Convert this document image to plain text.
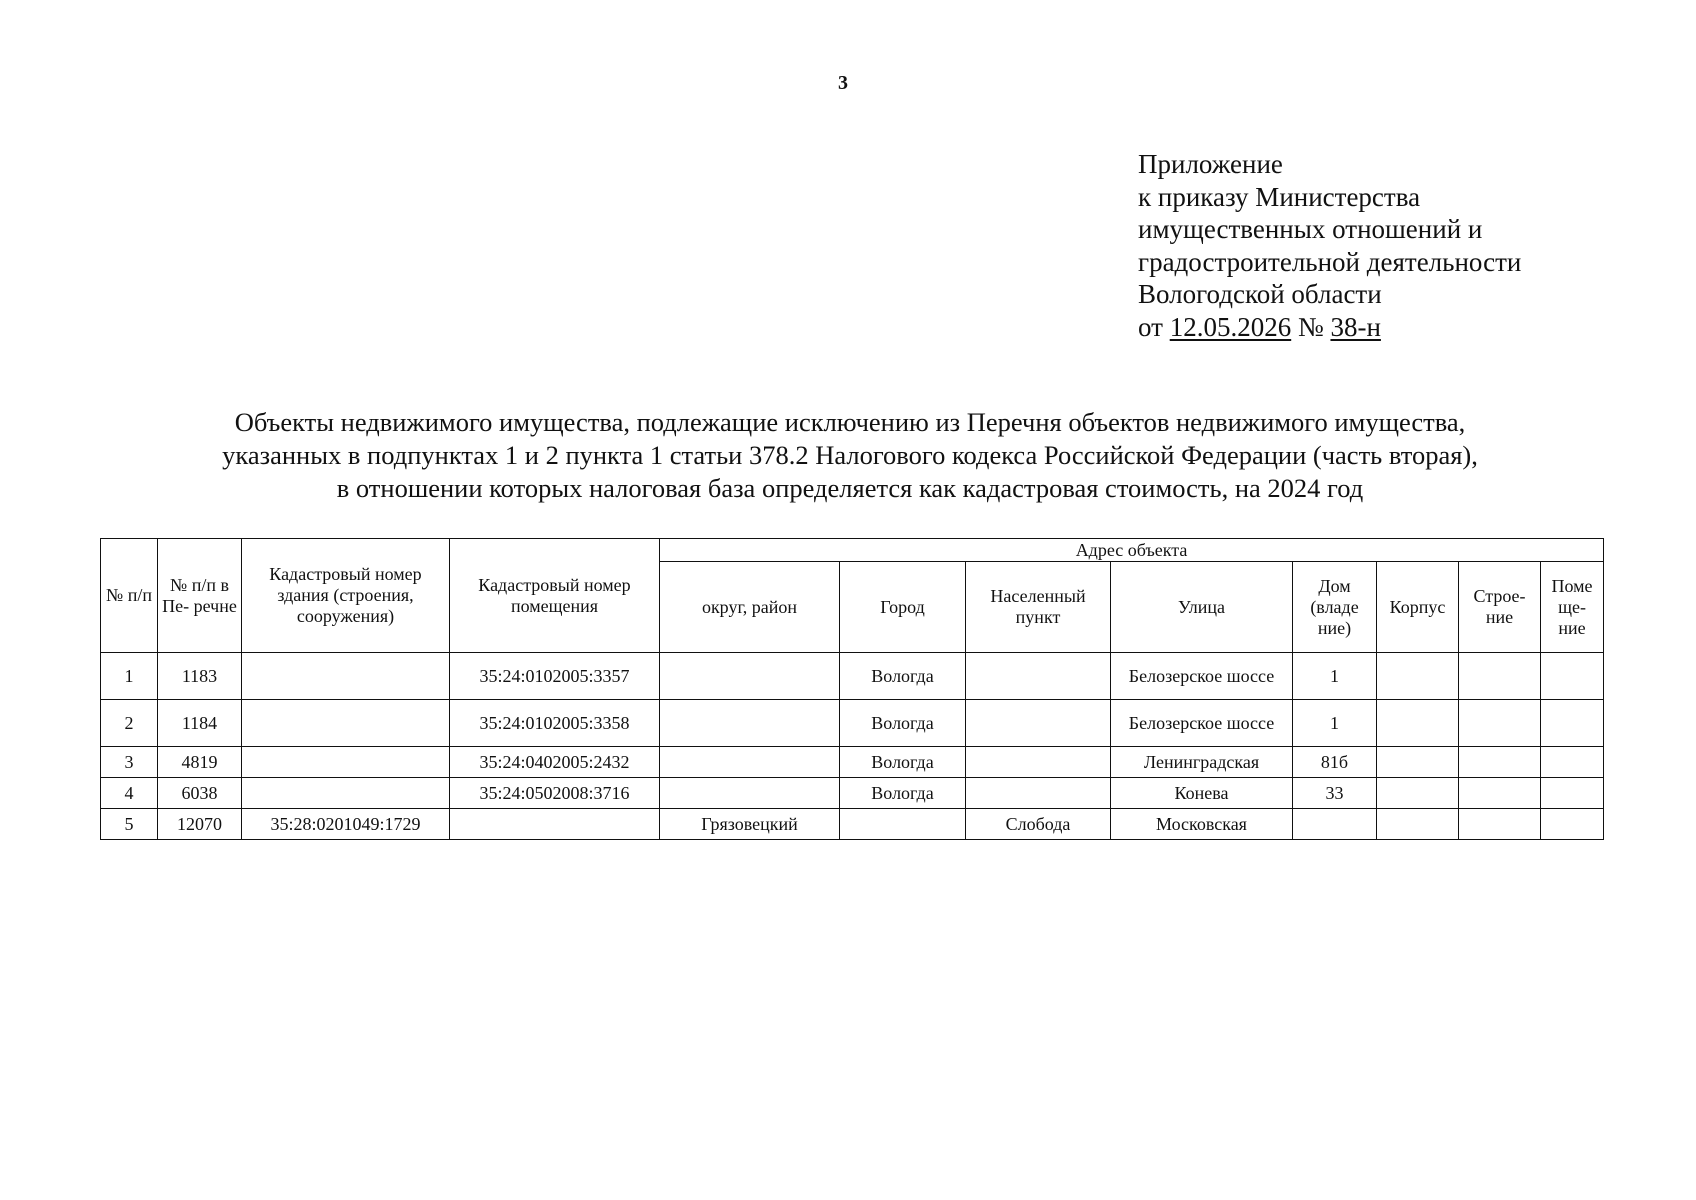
3
Приложение
к приказу Министерства
имущественных отношений и
градостроительной деятельности
Вологодской области
от 12.05.2026 № 38-н
Объекты недвижимого имущества, подлежащие исключению из Перечня объектов недвижимого имущества,
указанных в подпунктах 1 и 2 пункта 1 статьи 378.2 Налогового кодекса Российской Федерации (часть вторая),
в отношении которых налоговая база определяется как кадастровая стоимость, на 2024 год
№ п/п	№ п/п в Пе- речне	Кадастровый номер здания (строения, сооружения)	Кадастровый номер помещения	Адрес объекта							
				округ, район	Город	Населенный пункт	Улица	Дом (владе ние)	Корпус	Строе- ние	Поме ще- ние
1	1183		35:24:0102005:3357		Вологда		Белозерское шоссе	1			
2	1184		35:24:0102005:3358		Вологда		Белозерское шоссе	1			
3	4819		35:24:0402005:2432		Вологда		Ленинградская	81б			
4	6038		35:24:0502008:3716		Вологда		Конева	33			
5	12070	35:28:0201049:1729		Грязовецкий		Слобода	Московская				
